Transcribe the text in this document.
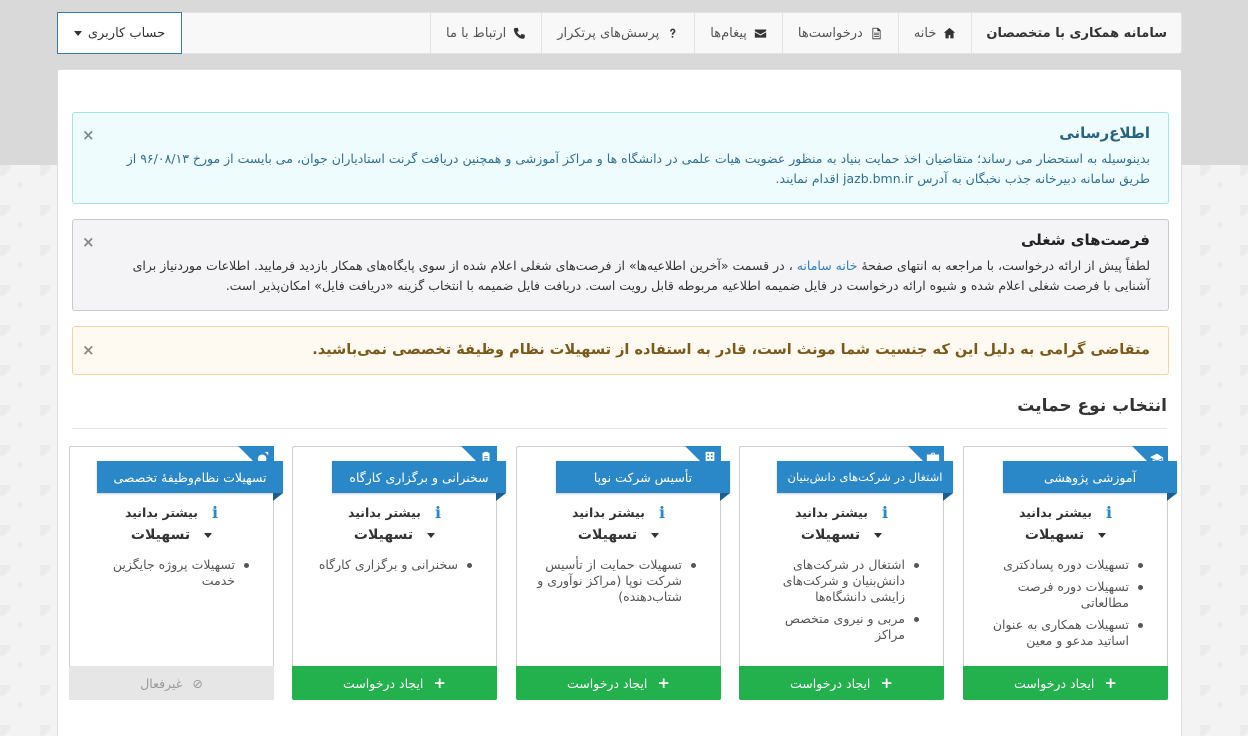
سامانه همکاری با متخصصان
خانه
درخواست‌ها
پیغام‌ها
پرسش‌های پرتکرار
ارتباط با ما
حساب کاربری
×	اطلاع‌رسانی
بدینوسیله به استحضار می رساند؛ متقاضیان اخذ حمایت بنیاد به منظور عضویت هیات علمی در دانشگاه ها و مراکز آموزشی و همچنین دریافت گرنت استادیاران جوان، می بایست از مورخ ۹۶/۰۸/۱۳ از طریق سامانه دبیرخانه جذب نخبگان به آدرس jazb.bmn.ir اقدام نمایند.
×	فرصت‌های شغلی
لطفاً پیش از ارائه درخواست، با مراجعه به انتهای صفحهٔ خانه سامانه ، در قسمت «آخرین اطلاعیه‌ها» از فرصت‌های شغلی اعلام شده از سوی پایگاه‌های همکار بازدید فرمایید. اطلاعات موردنیاز برای آشنایی با فرصت شغلی اعلام شده و شیوه ارائه درخواست در فایل ضمیمه اطلاعیه مربوطه قابل رویت است. دریافت فایل ضمیمه با انتخاب گزینه «دریافت فایل» امکان‌پذیر است.
×	متقاضی گرامی به دلیل این که جنسیت شما مونث است، قادر به استفاده از تسهیلات نظام وظیفهٔ تخصصی نمی‌باشید.
انتخاب نوع حمایت
آموزشی پژوهشی
i
بیشتر بدانید
تسهیلات
تسهیلات دوره پسادکتری
تسهیلات دوره فرصت مطالعاتی
تسهیلات همکاری به عنوان اساتید مدعو و معین
+
ایجاد درخواست
اشتغال در شرکت‌های دانش‌بنیان
i
بیشتر بدانید
تسهیلات
اشتغال در شرکت‌های دانش‌بنیان و شرکت‌های زایشی دانشگاه‌ها
مربی و نیروی متخصص مراکز
+
ایجاد درخواست
تأسیس شرکت نوپا
i
بیشتر بدانید
تسهیلات
تسهیلات حمایت از تأسیس شرکت نوپا (مراکز نوآوری و شتاب‌دهنده)
+
ایجاد درخواست
سخنرانی و برگزاری کارگاه
i
بیشتر بدانید
تسهیلات
سخنرانی و برگزاری کارگاه
+
ایجاد درخواست
تسهیلات نظام‌وظیفهٔ تخصصی
i
بیشتر بدانید
تسهیلات
تسهیلات پروژه جایگزین خدمت
⊘
غیرفعال
